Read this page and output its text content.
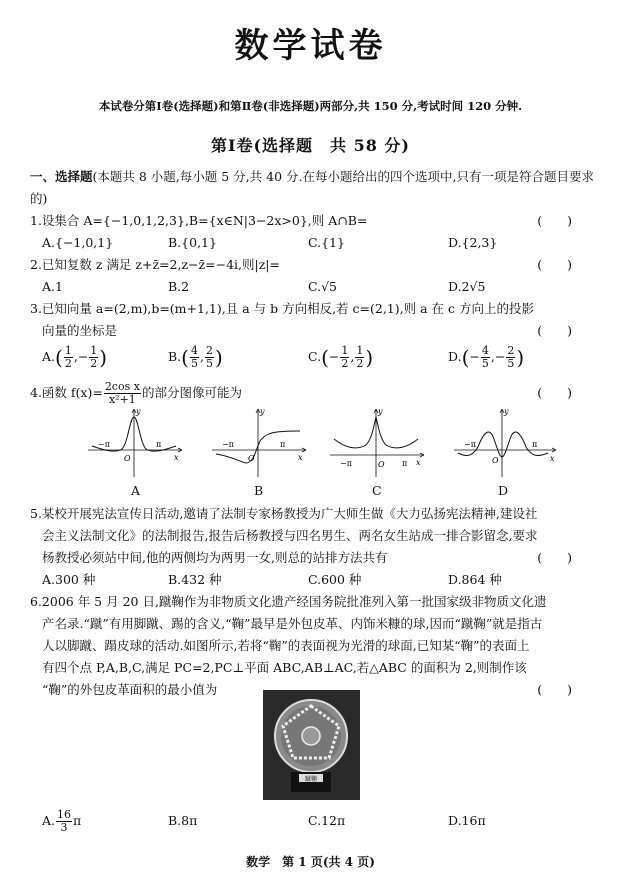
数学试卷
本试卷分第Ⅰ卷(选择题)和第Ⅱ卷(非选择题)两部分,共 150 分,考试时间 120 分钟.
第Ⅰ卷(选择题　共 58 分)
一、选择题(本题共 8 小题,每小题 5 分,共 40 分.在每小题给出的四个选项中,只有一项是符合题目要求的)
1.设集合 A={−1,0,1,2,3},B={x∈N|3−2x>0},则 A∩B=	(　　)
A.{−1,0,1}	B.{0,1}	C.{1}	D.{2,3}
2.已知复数 z 满足 z+z̄=2,z−z̄=−4i,则|z|=	(　　)
A.1	B.2	C.√5	D.2√5
3.已知向量 a=(2,m),b=(m+1,1),且 a 与 b 方向相反,若 c=(2,1),则 a 在 c 方向上的投影
向量的坐标是	(　　)
$A.( \frac{1}{2}$ ,− $\frac{1}{2}$ )	$B.( \frac{4}{5}$ , $\frac{2}{5}$ )	$C.(- \frac{1}{2}$ , $\frac{1}{2}$ )	$D.(- \frac{4}{5}$ ,− $\frac{2}{5}$ )
4.函数 $f(x)= \frac{\text{2cos x}}{\text{x²+1}}$ 的部分图像可能为	(　　)
−π	π
O	x
y
−π	π
O	x
y
−π	π
O	x
y
−π	π
O	x
y
A	B	C	D
5.某校开展宪法宣传日活动,邀请了法制专家杨教授为广大师生做《大力弘扬宪法精神,建设社
会主义法制文化》的法制报告,报告后杨教授与四名男生、两名女生站成一排合影留念,要求
杨教授必须站中间,他的两侧均为两男一女,则总的站排方法共有	(　　)
A.300 种	B.432 种	C.600 种	D.864 种
6.2006 年 5 月 20 日,蹴鞠作为非物质文化遗产经国务院批准列入第一批国家级非物质文化遗
产名录.“蹴”有用脚蹴、踢的含义,“鞠”最早是外包皮革、内饰米糠的球,因而“蹴鞠”就是指古
人以脚蹴、蹋皮球的活动.如图所示,若将“鞠”的表面视为光滑的球面,已知某“鞠”的表面上
有四个点 P,A,B,C,满足 PC=2,PC⊥平面 ABC,AB⊥AC,若△ABC 的面积为 2,则制作该
“鞠”的外包皮革面积的最小值为	(　　)
蹴鞠
A. $\frac{16}{3}$ π	B.8π	C.12π	D.16π
数学　第 1 页(共 4 页)
